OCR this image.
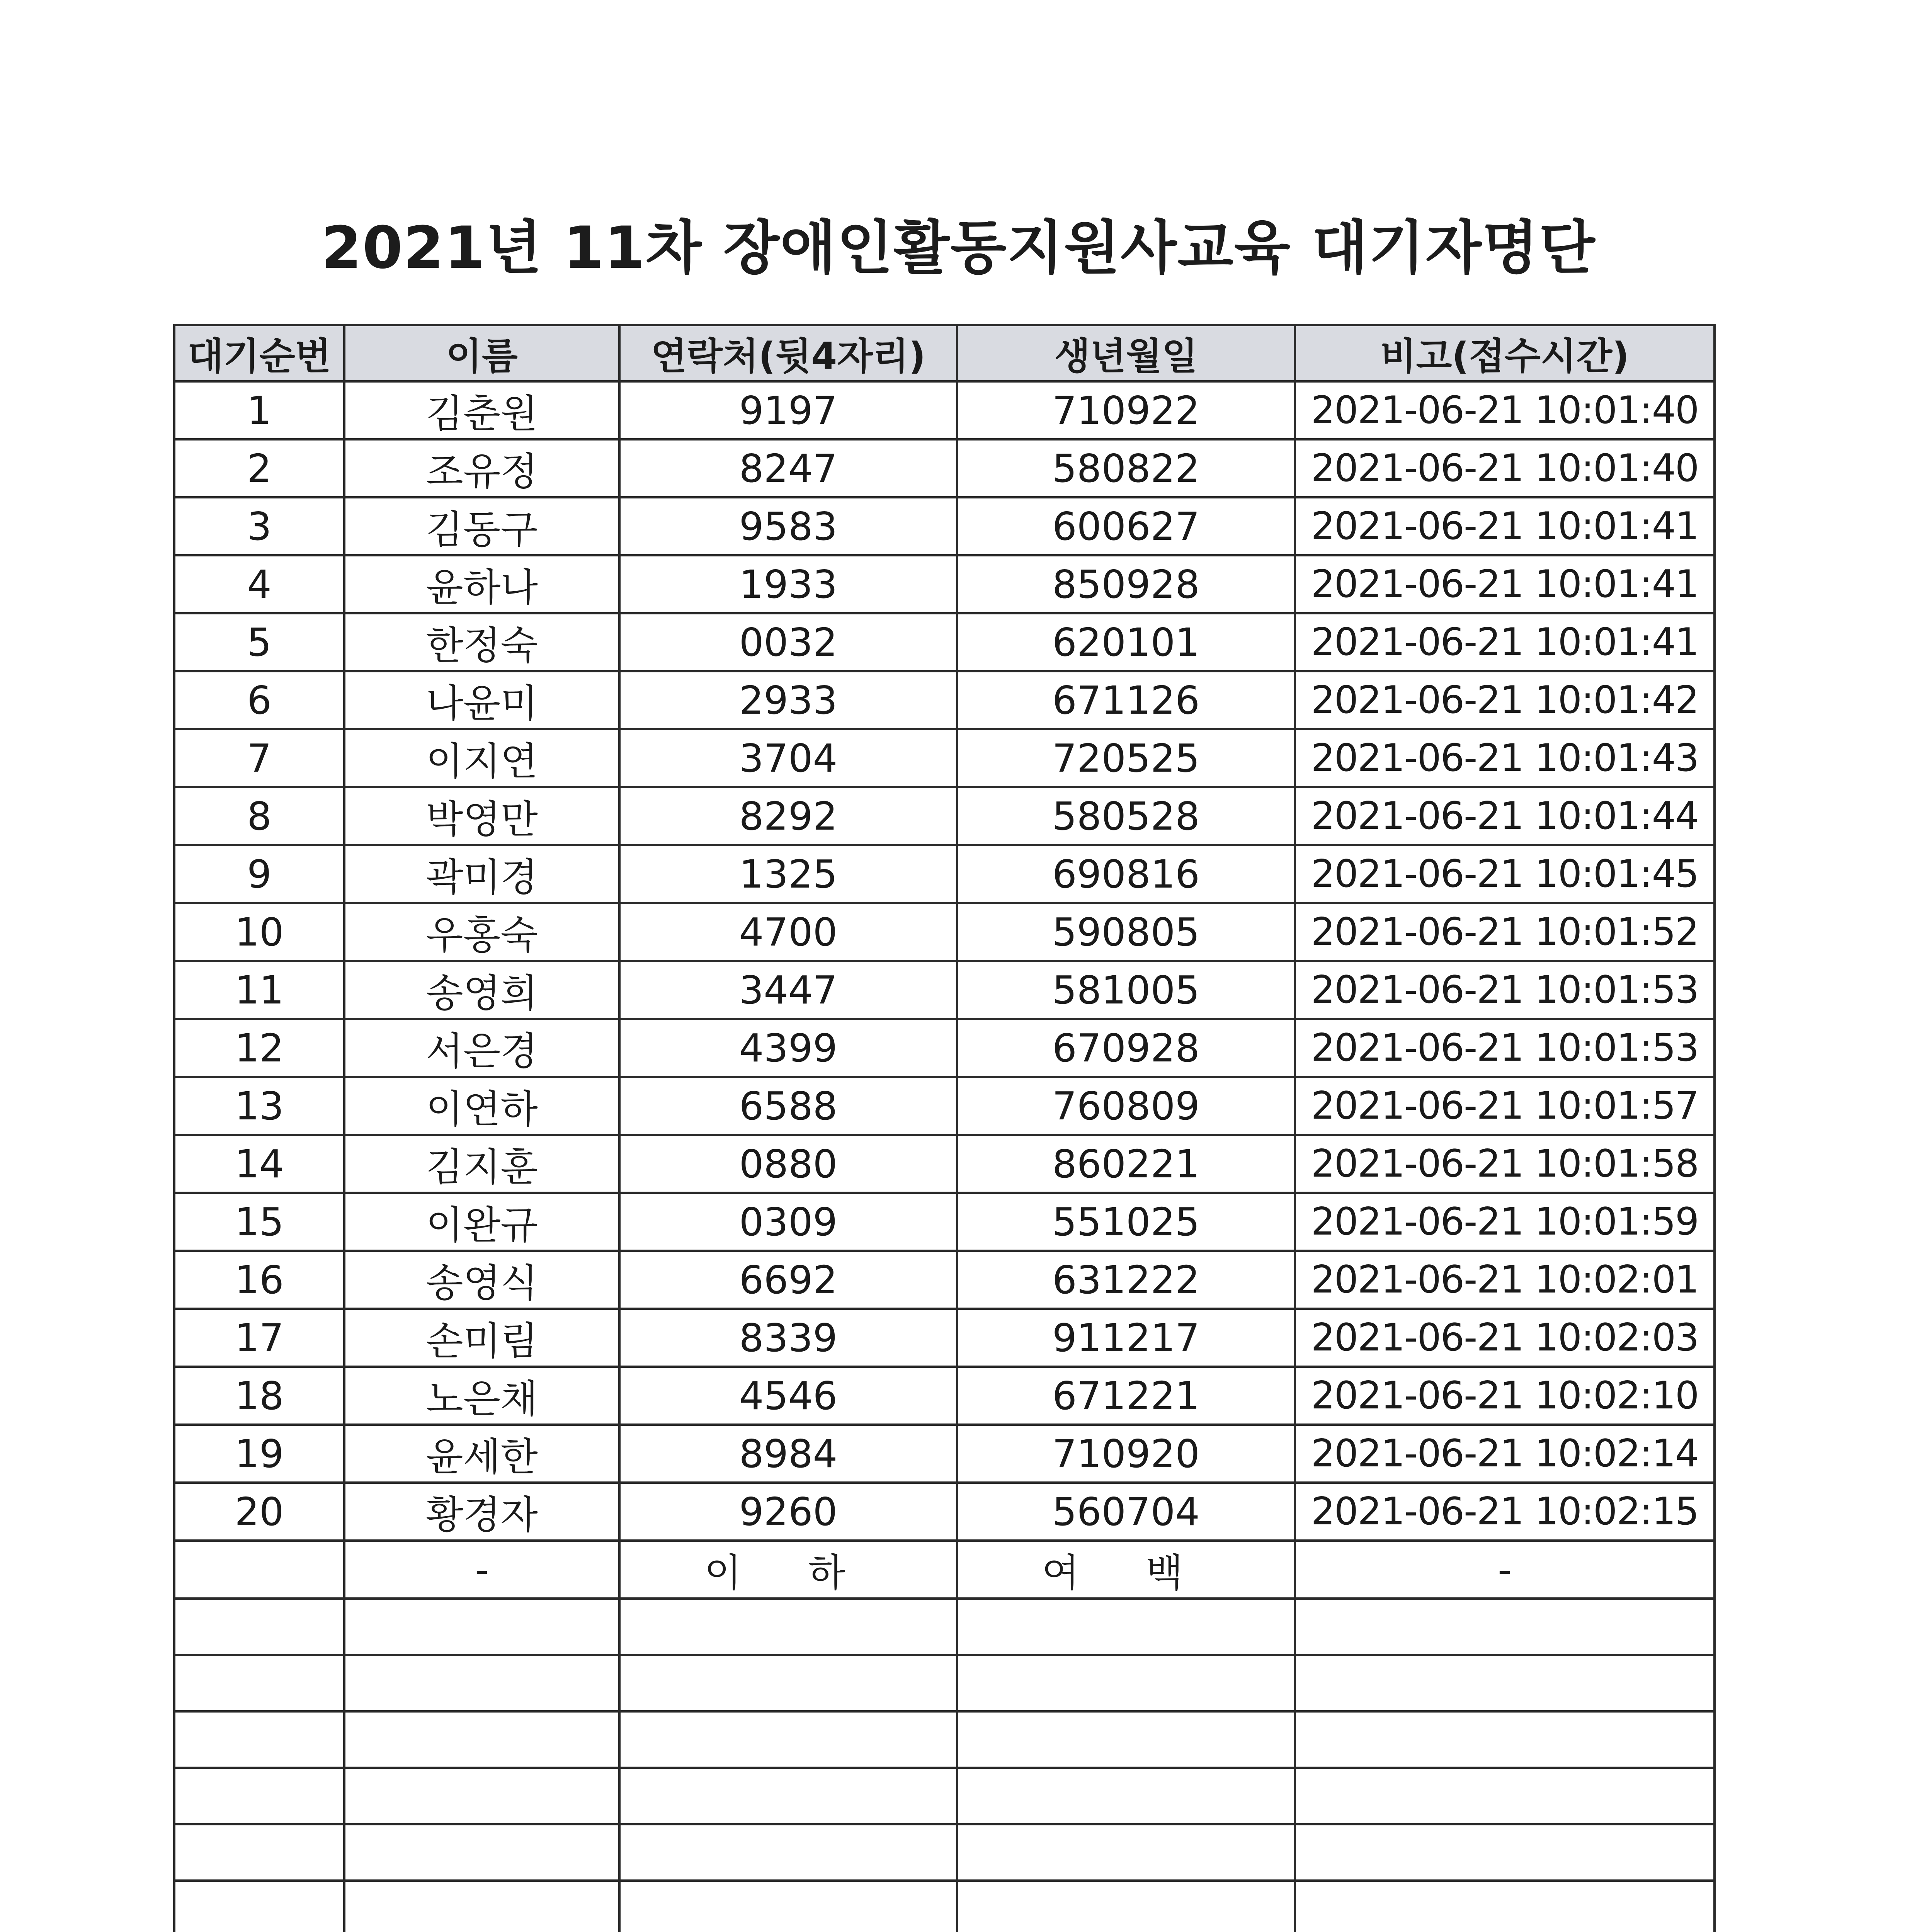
2021년 11차 장애인활동지원사교육 대기자명단
대기순번	이름	연락처(뒷4자리)	생년월일	비고(접수시간)
1	김춘원	9197	710922	2021-06-21 10:01:40
2	조유정	8247	580822	2021-06-21 10:01:40
3	김동구	9583	600627	2021-06-21 10:01:41
4	윤하나	1933	850928	2021-06-21 10:01:41
5	한정숙	0032	620101	2021-06-21 10:01:41
6	나윤미	2933	671126	2021-06-21 10:01:42
7	이지연	3704	720525	2021-06-21 10:01:43
8	박영만	8292	580528	2021-06-21 10:01:44
9	곽미경	1325	690816	2021-06-21 10:01:45
10	우홍숙	4700	590805	2021-06-21 10:01:52
11	송영희	3447	581005	2021-06-21 10:01:53
12	서은경	4399	670928	2021-06-21 10:01:53
13	이연하	6588	760809	2021-06-21 10:01:57
14	김지훈	0880	860221	2021-06-21 10:01:58
15	이완규	0309	551025	2021-06-21 10:01:59
16	송영식	6692	631222	2021-06-21 10:02:01
17	손미림	8339	911217	2021-06-21 10:02:03
18	노은채	4546	671221	2021-06-21 10:02:10
19	윤세한	8984	710920	2021-06-21 10:02:14
20	황경자	9260	560704	2021-06-21 10:02:15
	-	이 하	여 백	-
